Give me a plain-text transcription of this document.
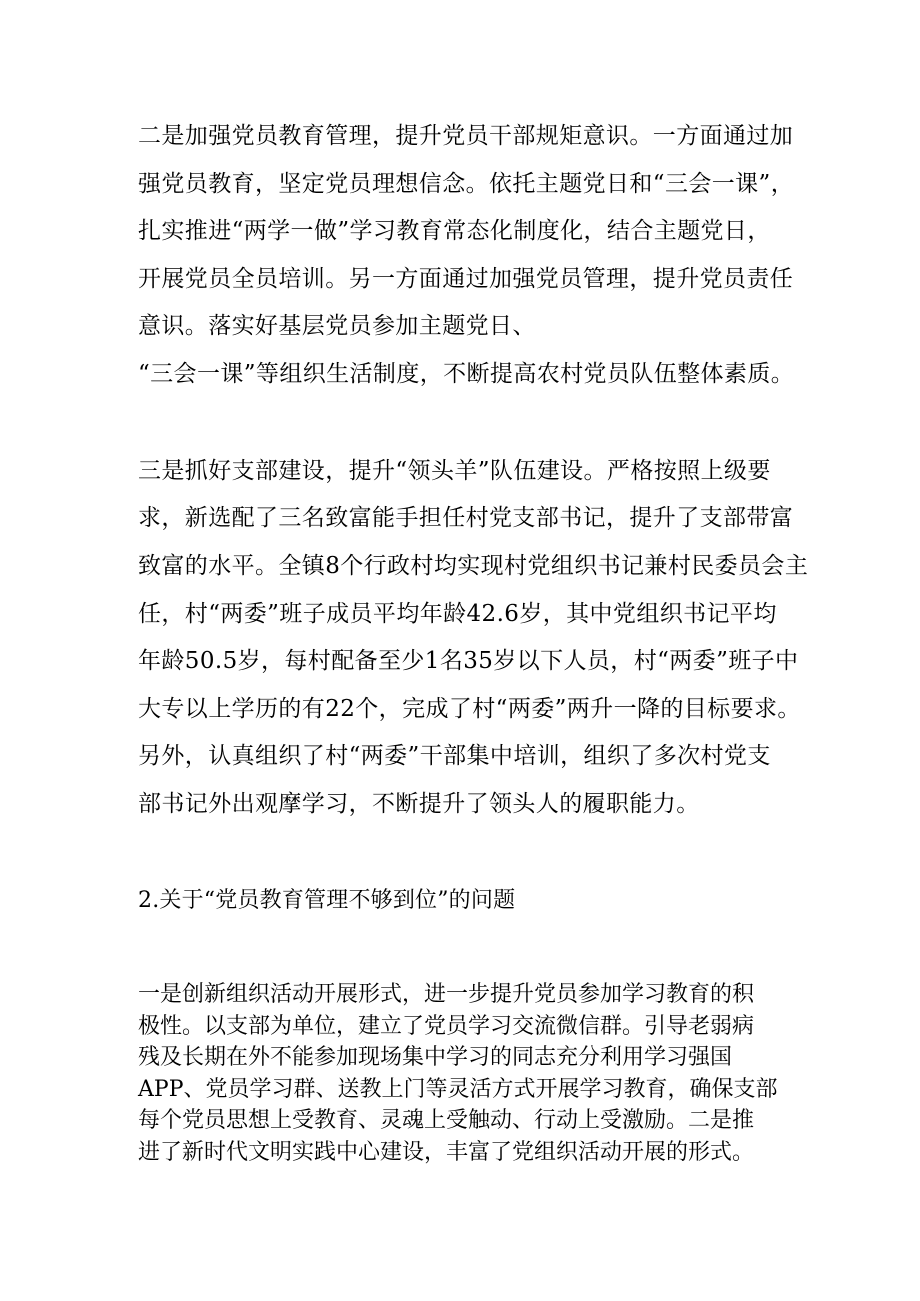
二是加强党员教育管理，提升党员干部规矩意识。一方面通过加
强党员教育，坚定党员理想信念。依托主题党日和“三会一课”，
扎实推进“两学一做”学习教育常态化制度化，结合主题党日，
开展党员全员培训。另一方面通过加强党员管理，提升党员责任
意识。落实好基层党员参加主题党日、
“三会一课”等组织生活制度，不断提高农村党员队伍整体素质。
三是抓好支部建设，提升“领头羊”队伍建设。严格按照上级要
求，新选配了三名致富能手担任村党支部书记，提升了支部带富
致富的水平。全镇8个行政村均实现村党组织书记兼村民委员会主
任，村“两委”班子成员平均年龄42.6岁，其中党组织书记平均
年龄50.5岁，每村配备至少1名35岁以下人员，村“两委”班子中
大专以上学历的有22个，完成了村“两委”两升一降的目标要求。
另外，认真组织了村“两委”干部集中培训，组织了多次村党支
部书记外出观摩学习，不断提升了领头人的履职能力。
2.关于“党员教育管理不够到位”的问题
一是创新组织活动开展形式，进一步提升党员参加学习教育的积
极性。以支部为单位，建立了党员学习交流微信群。引导老弱病
残及长期在外不能参加现场集中学习的同志充分利用学习强国
APP、党员学习群、送教上门等灵活方式开展学习教育，确保支部
每个党员思想上受教育、灵魂上受触动、行动上受激励。二是推
进了新时代文明实践中心建设，丰富了党组织活动开展的形式。
